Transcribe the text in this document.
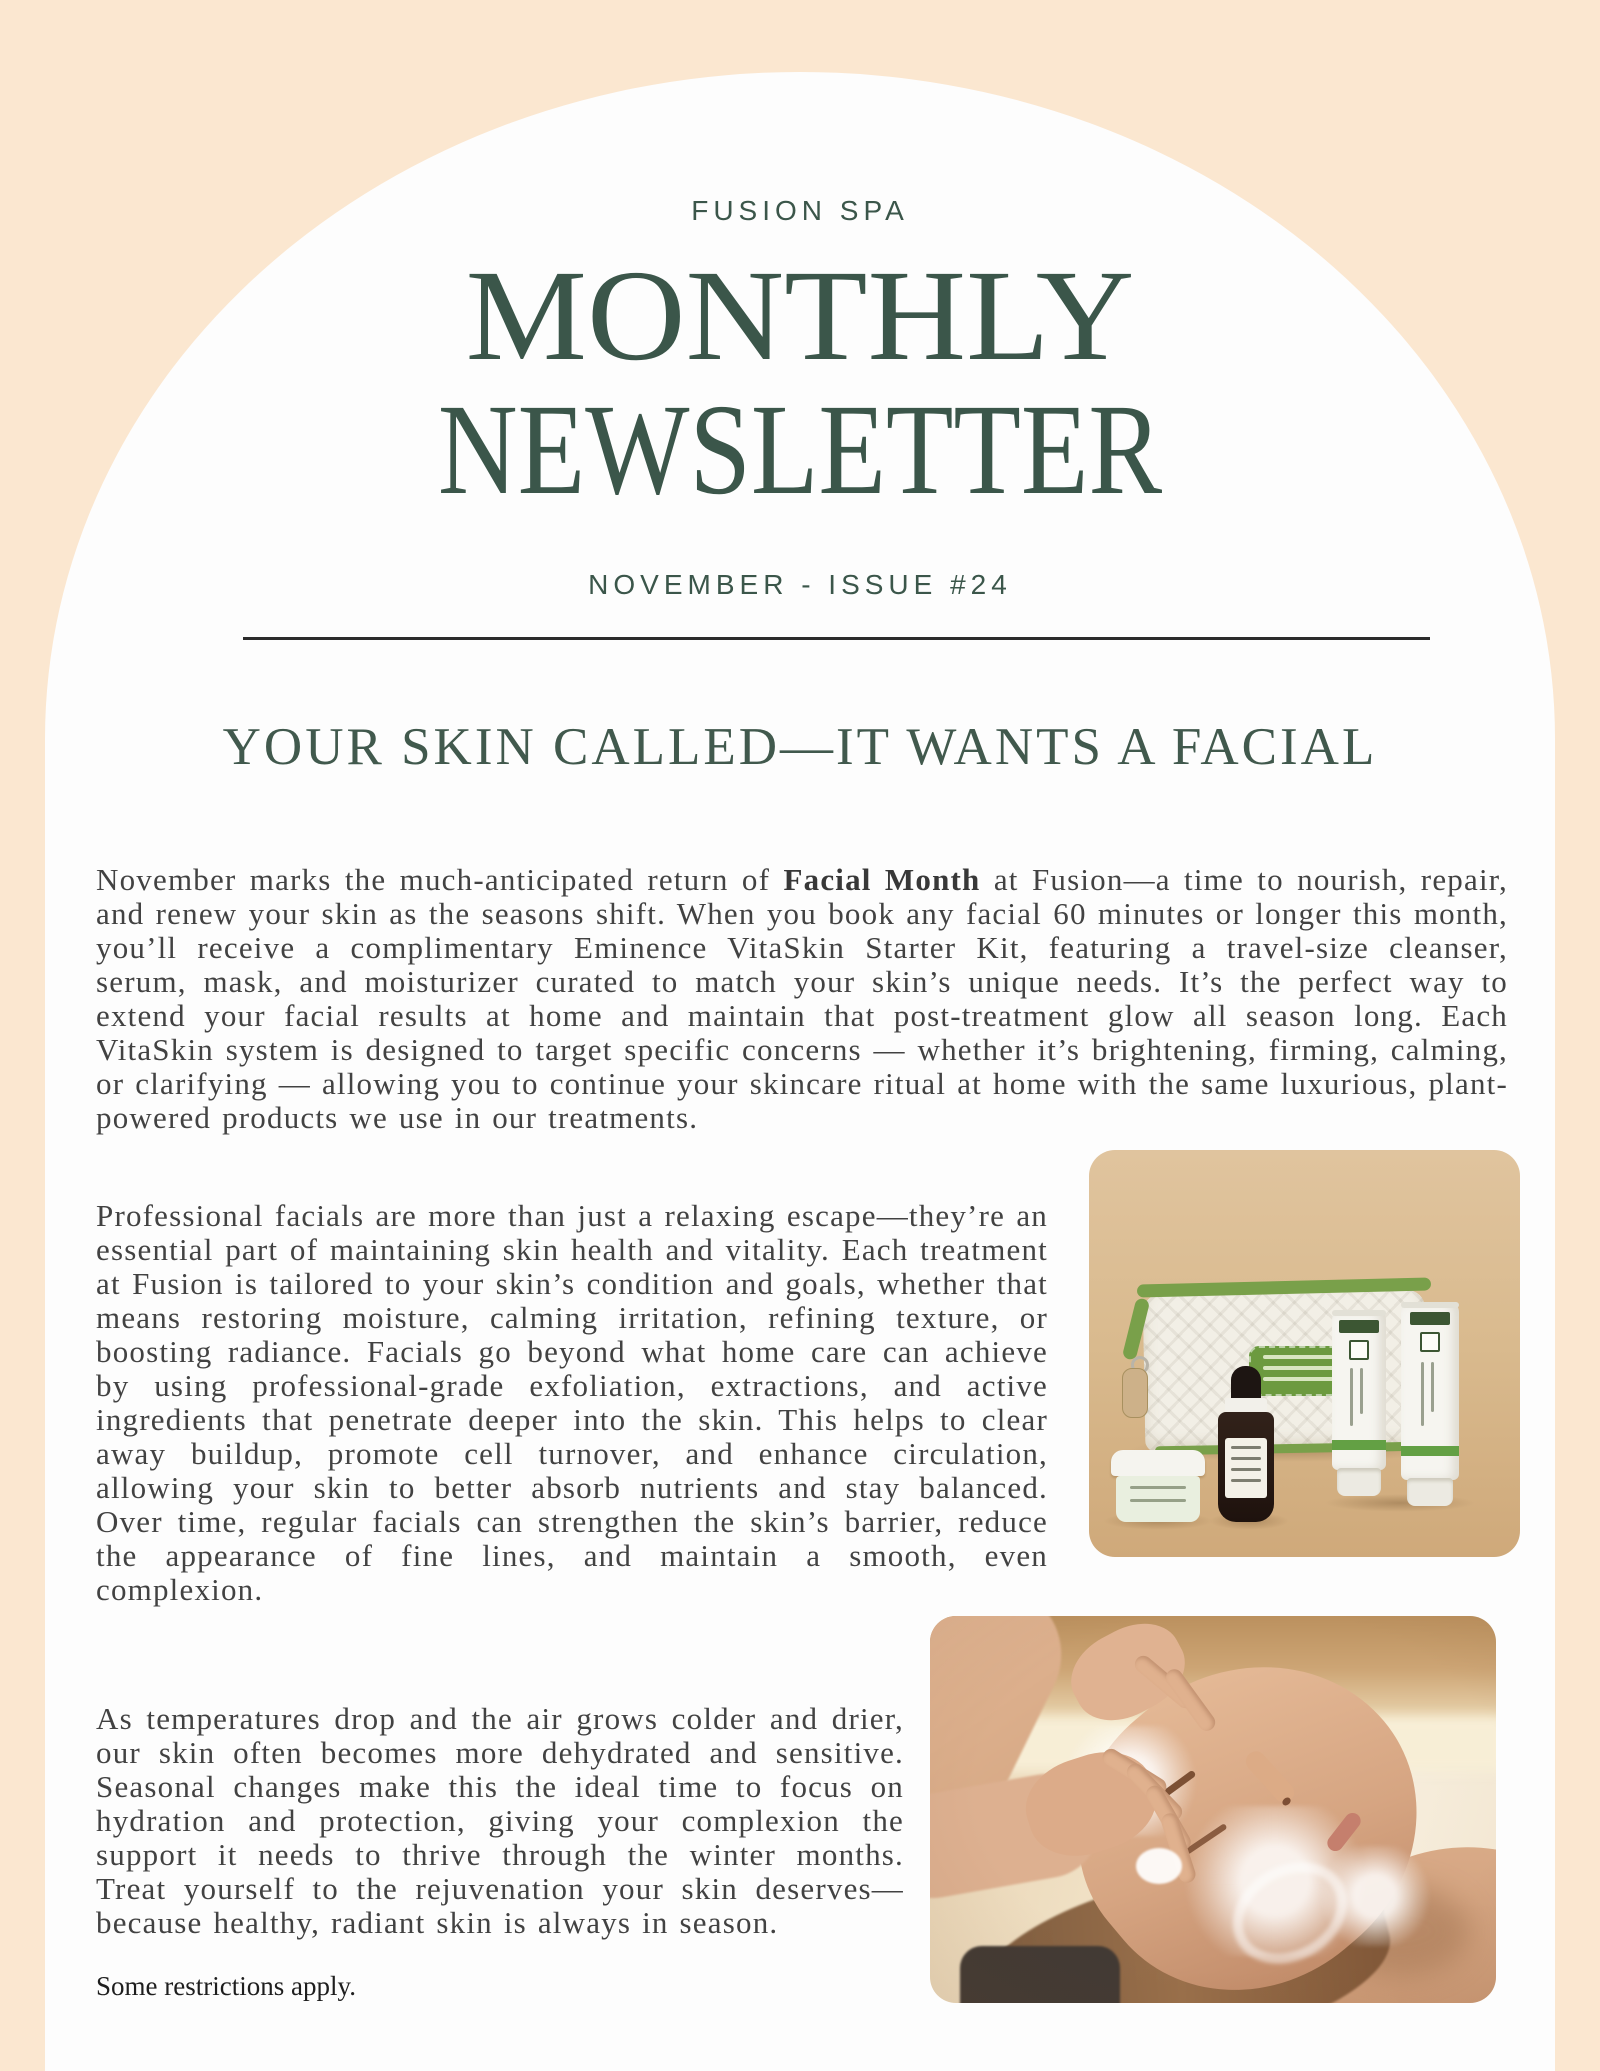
FUSION SPA
MONTHLY
NEWSLETTER
NOVEMBER - ISSUE #24
YOUR SKIN CALLED—IT WANTS A FACIAL

November marks the much-anticipated return of Facial Month at Fusion—a time to nourish, repair, and renew your skin as the seasons shift. When you book any facial 60 minutes or longer this month, you’ll receive a complimentary Eminence VitaSkin Starter Kit, featuring a travel-size cleanser, serum, mask, and moisturizer curated to match your skin’s unique needs. It’s the perfect way to extend your facial results at home and maintain that post-treatment glow all season long. Each VitaSkin system is designed to target specific concerns — whether it’s brightening, firming, calming, or clarifying — allowing you to continue your skincare ritual at home with the same luxurious, plant-powered products we use in our treatments.

Professional facials are more than just a relaxing escape—they’re an essential part of maintaining skin health and vitality. Each treatment at Fusion is tailored to your skin’s condition and goals, whether that means restoring moisture, calming irritation, refining texture, or boosting radiance. Facials go beyond what home care can achieve by using professional-grade exfoliation, extractions, and active ingredients that penetrate deeper into the skin. This helps to clear away buildup, promote cell turnover, and enhance circulation, allowing your skin to better absorb nutrients and stay balanced. Over time, regular facials can strengthen the skin’s barrier, reduce the appearance of fine lines, and maintain a smooth, even complexion.

As temperatures drop and the air grows colder and drier, our skin often becomes more dehydrated and sensitive. Seasonal changes make this the ideal time to focus on hydration and protection, giving your complexion the support it needs to thrive through the winter months. Treat yourself to the rejuvenation your skin deserves—because healthy, radiant skin is always in season.

Some restrictions apply.
